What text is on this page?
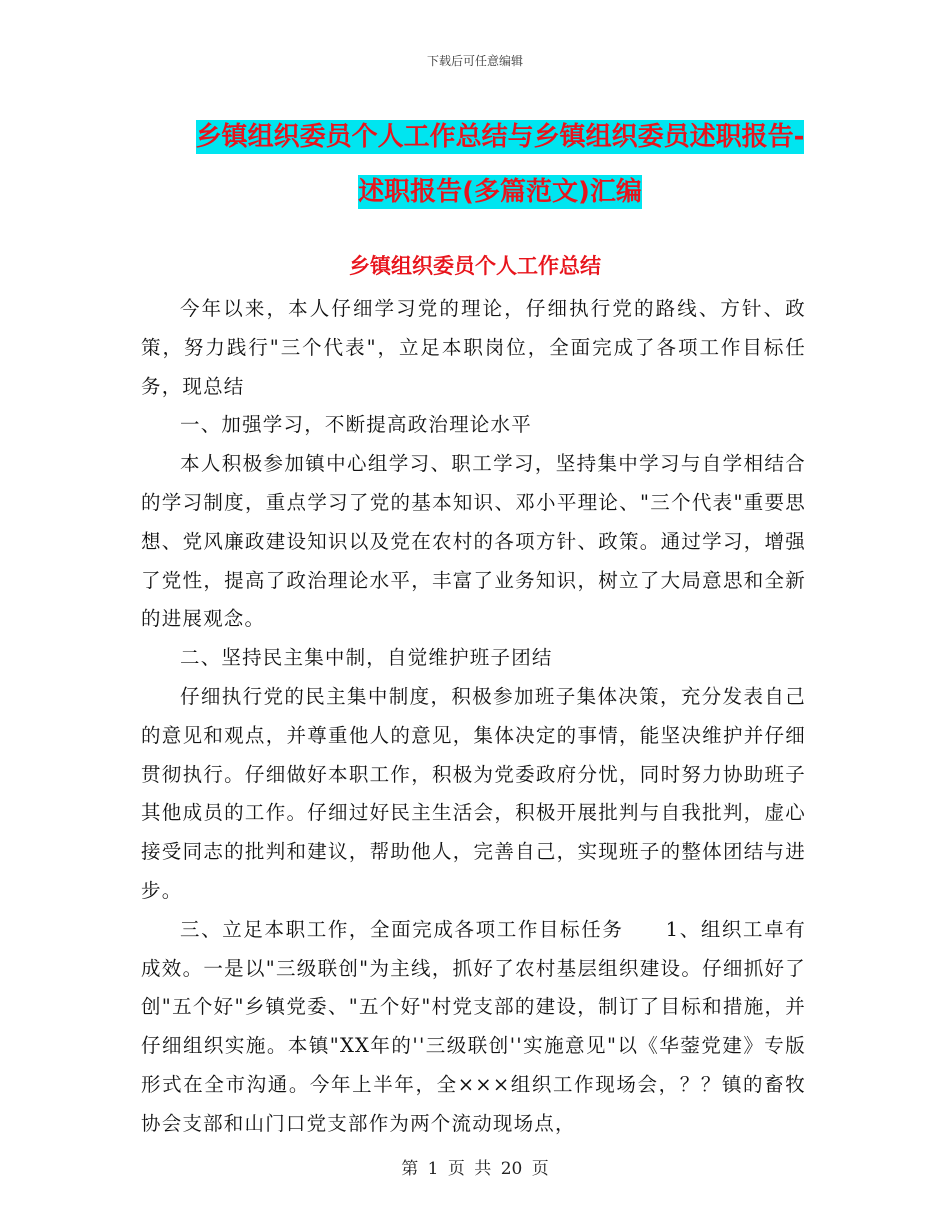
下载后可任意编辑
乡镇组织委员个人工作总结与乡镇组织委员述职报告-
述职报告(多篇范文)汇编
乡镇组织委员个人工作总结

今年以来，本人仔细学习党的理论，仔细执行党的路线、方针、政策，努力践行"三个代表"，立足本职岗位，全面完成了各项工作目标任务，现总结

一、加强学习，不断提高政治理论水平

本人积极参加镇中心组学习、职工学习，坚持集中学习与自学相结合的学习制度，重点学习了党的基本知识、邓小平理论、"三个代表"重要思想、党风廉政建设知识以及党在农村的各项方针、政策。通过学习，增强了党性，提高了政治理论水平，丰富了业务知识，树立了大局意思和全新的进展观念。

二、坚持民主集中制，自觉维护班子团结

仔细执行党的民主集中制度，积极参加班子集体决策，充分发表自己的意见和观点，并尊重他人的意见，集体决定的事情，能坚决维护并仔细贯彻执行。仔细做好本职工作，积极为党委政府分忧，同时努力协助班子其他成员的工作。仔细过好民主生活会，积极开展批判与自我批判，虚心接受同志的批判和建议，帮助他人，完善自己，实现班子的整体团结与进步。

三、立足本职工作，全面完成各项工作目标任务　　1、组织工卓有成效。一是以"三级联创"为主线，抓好了农村基层组织建设。仔细抓好了创"五个好"乡镇党委、"五个好"村党支部的建设，制订了目标和措施，并仔细组织实施。本镇"XX年的''三级联创''实施意见"以《华蓥党建》专版形式在全市沟通。今年上半年，全×××组织工作现场会，？？镇的畜牧协会支部和山门口党支部作为两个流动现场点，

第 1 页 共 20 页
